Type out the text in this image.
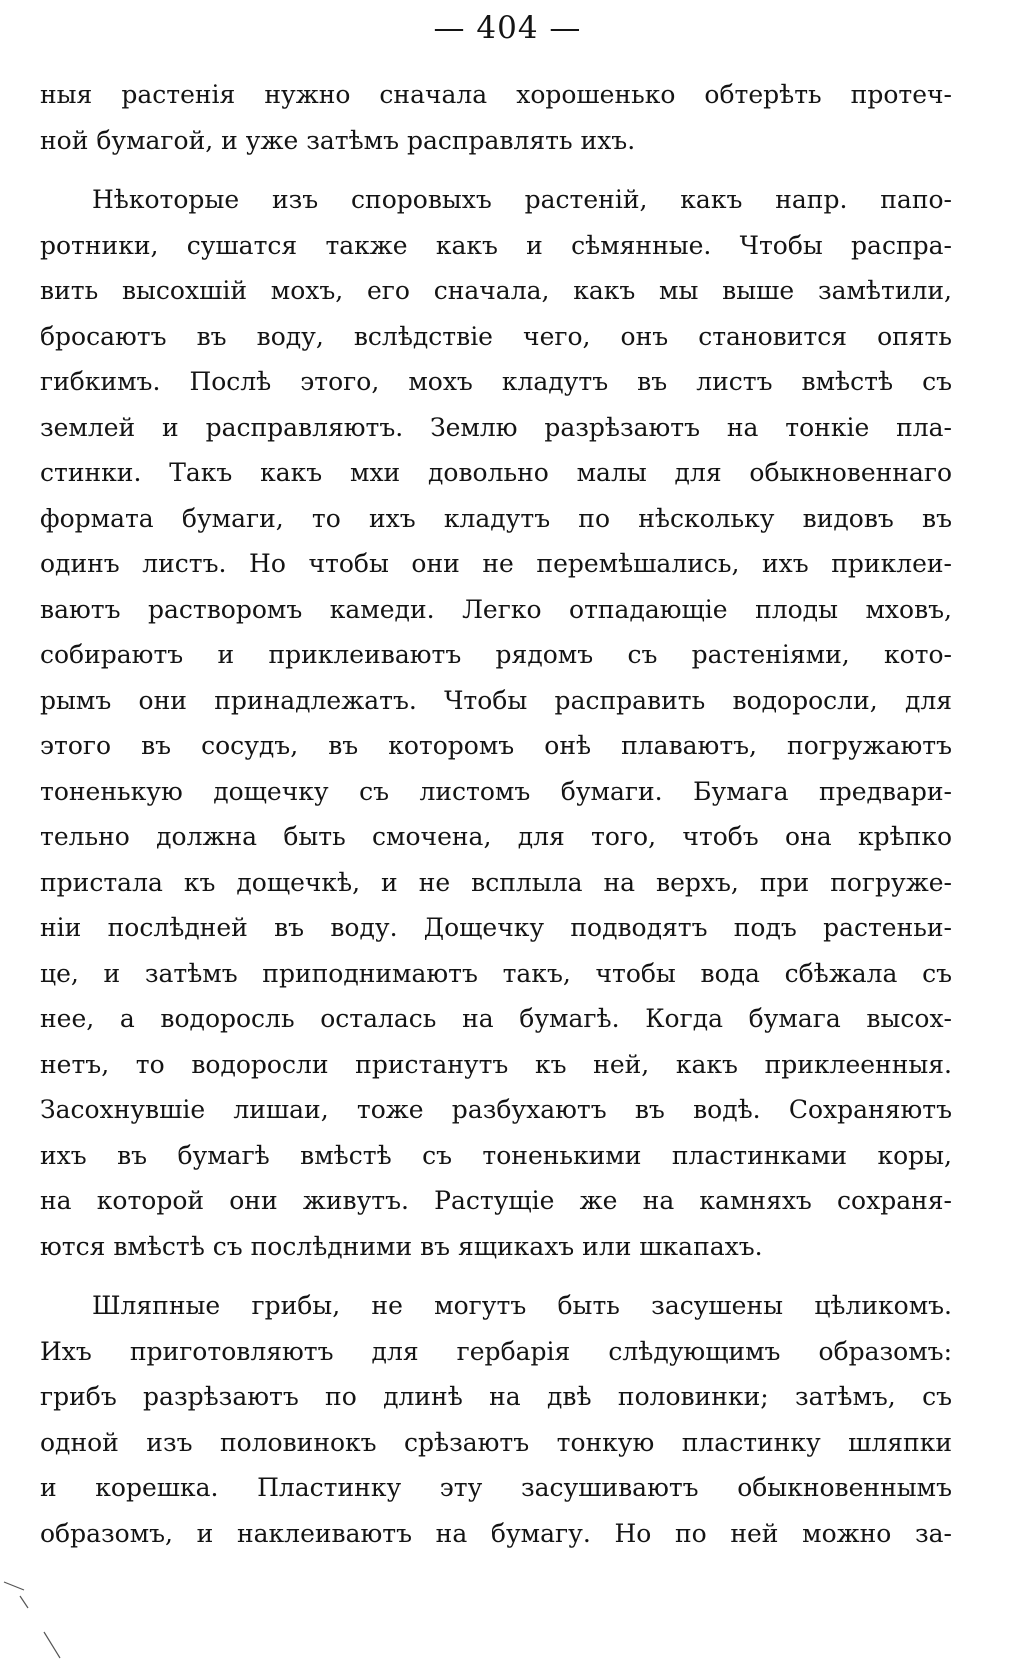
— 404 —
ныя растенія нужно сначала хорошенько обтерѣть протеч-
ной бумагой, и уже затѣмъ расправлять ихъ.
Нѣкоторые изъ споровыхъ растеній, какъ напр. папо-
ротники, сушатся также какъ и сѣмянные. Чтобы распра-
вить высохшій мохъ, его сначала, какъ мы выше замѣтили,
бросаютъ въ воду, вслѣдствіе чего, онъ становится опять
гибкимъ. Послѣ этого, мохъ кладутъ въ листъ вмѣстѣ съ
землей и расправляютъ. Землю разрѣзаютъ на тонкіе пла-
стинки. Такъ какъ мхи довольно малы для обыкновеннаго
формата бумаги, то ихъ кладутъ по нѣскольку видовъ въ
одинъ листъ. Но чтобы они не перемѣшались, ихъ приклеи-
ваютъ растворомъ камеди. Легко отпадающіе плоды мховъ,
собираютъ и приклеиваютъ рядомъ съ растеніями, кото-
рымъ они принадлежатъ. Чтобы расправить водоросли, для
этого въ сосудъ, въ которомъ онѣ плаваютъ, погружаютъ
тоненькую дощечку съ листомъ бумаги. Бумага предвари-
тельно должна быть смочена, для того, чтобъ она крѣпко
пристала къ дощечкѣ, и не всплыла на верхъ, при погруже-
ніи послѣдней въ воду. Дощечку подводятъ подъ растеньи-
це, и затѣмъ приподнимаютъ такъ, чтобы вода сбѣжала съ
нее, а водоросль осталась на бумагѣ. Когда бумага высох-
нетъ, то водоросли пристанутъ къ ней, какъ приклеенныя.
Засохнувшіе лишаи, тоже разбухаютъ въ водѣ. Сохраняютъ
ихъ въ бумагѣ вмѣстѣ съ тоненькими пластинками коры,
на которой они живутъ. Растущіе же на камняхъ сохраня-
ются вмѣстѣ съ послѣдними въ ящикахъ или шкапахъ.
Шляпные грибы, не могутъ быть засушены цѣликомъ.
Ихъ приготовляютъ для гербарія слѣдующимъ образомъ:
грибъ разрѣзаютъ по длинѣ на двѣ половинки; затѣмъ, съ
одной изъ половинокъ срѣзаютъ тонкую пластинку шляпки
и корешка. Пластинку эту засушиваютъ обыкновеннымъ
образомъ, и наклеиваютъ на бумагу. Но по ней можно за-
